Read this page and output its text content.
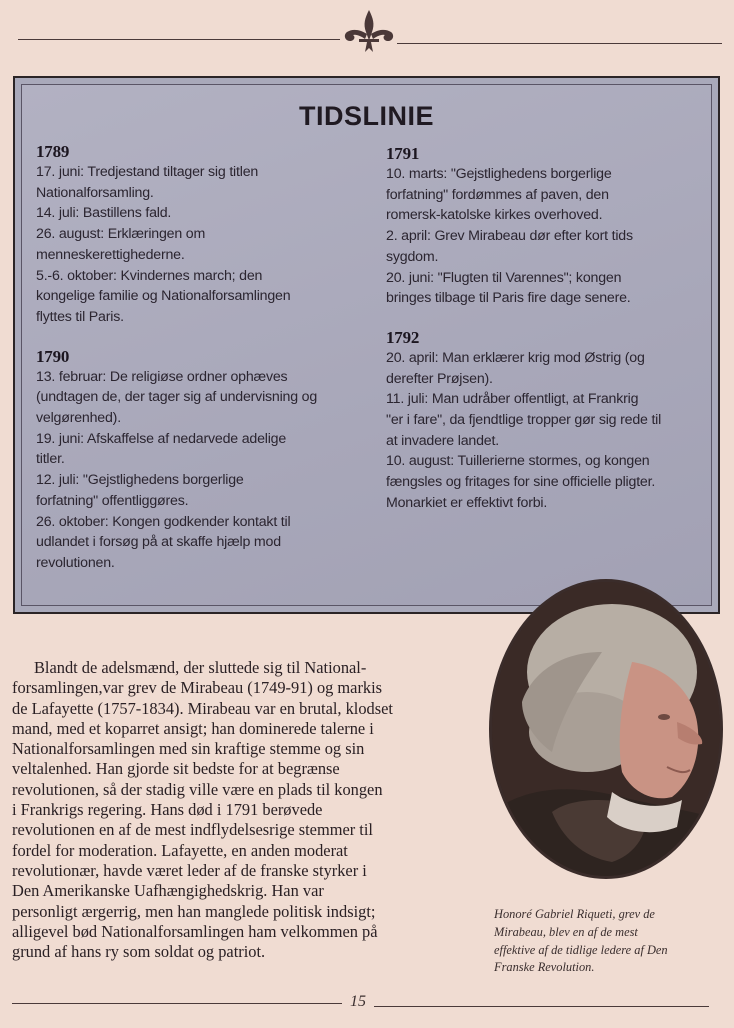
TIDSLINIE
1789
17. juni: Tredjestand tiltager sig titlen
Nationalforsamling.
14. juli: Bastillens fald.
26. august: Erklæringen om
menneskerettighederne.
5.-6. oktober: Kvindernes march; den
kongelige familie og Nationalforsamlingen
flyttes til Paris.
1790
13. februar: De religiøse ordner ophæves
(undtagen de, der tager sig af undervisning og
velgørenhed).
19. juni: Afskaffelse af nedarvede adelige
titler.
12. juli: "Gejstlighedens borgerlige
forfatning" offentliggøres.
26. oktober: Kongen godkender kontakt til
udlandet i forsøg på at skaffe hjælp mod
revolutionen.
1791
10. marts: "Gejstlighedens borgerlige
forfatning" fordømmes af paven, den
romersk-katolske kirkes overhoved.
2. april: Grev Mirabeau dør efter kort tids
sygdom.
20. juni: "Flugten til Varennes"; kongen
bringes tilbage til Paris fire dage senere.
1792
20. april: Man erklærer krig mod Østrig (og
derefter Prøjsen).
11. juli: Man udråber offentligt, at Frankrig
"er i fare", da fjendtlige tropper gør sig rede til
at invadere landet.
10. august: Tuillerierne stormes, og kongen
fængsles og fritages for sine officielle pligter.
Monarkiet er effektivt forbi.
Blandt de adelsmænd, der sluttede sig til National-
forsamlingen,var grev de Mirabeau (1749-91) og markis
de Lafayette (1757-1834). Mirabeau var en brutal, klodset
mand, med et koparret ansigt; han dominerede talerne i
Nationalforsamlingen med sin kraftige stemme og sin
veltalenhed. Han gjorde sit bedste for at begrænse
revolutionen, så der stadig ville være en plads til kongen
i Frankrigs regering. Hans død i 1791 berøvede
revolutionen en af de mest indflydelsesrige stemmer til
fordel for moderation. Lafayette, en anden moderat
revolutionær, havde været leder af de franske styrker i
Den Amerikanske Uafhængighedskrig. Han var
personligt ærgerrig, men han manglede politisk indsigt;
alligevel bød Nationalforsamlingen ham velkommen på
grund af hans ry som soldat og patriot.
Honoré Gabriel Riqueti, grev de
Mirabeau, blev en af de mest
effektive af de tidlige ledere af Den
Franske Revolution.
15
